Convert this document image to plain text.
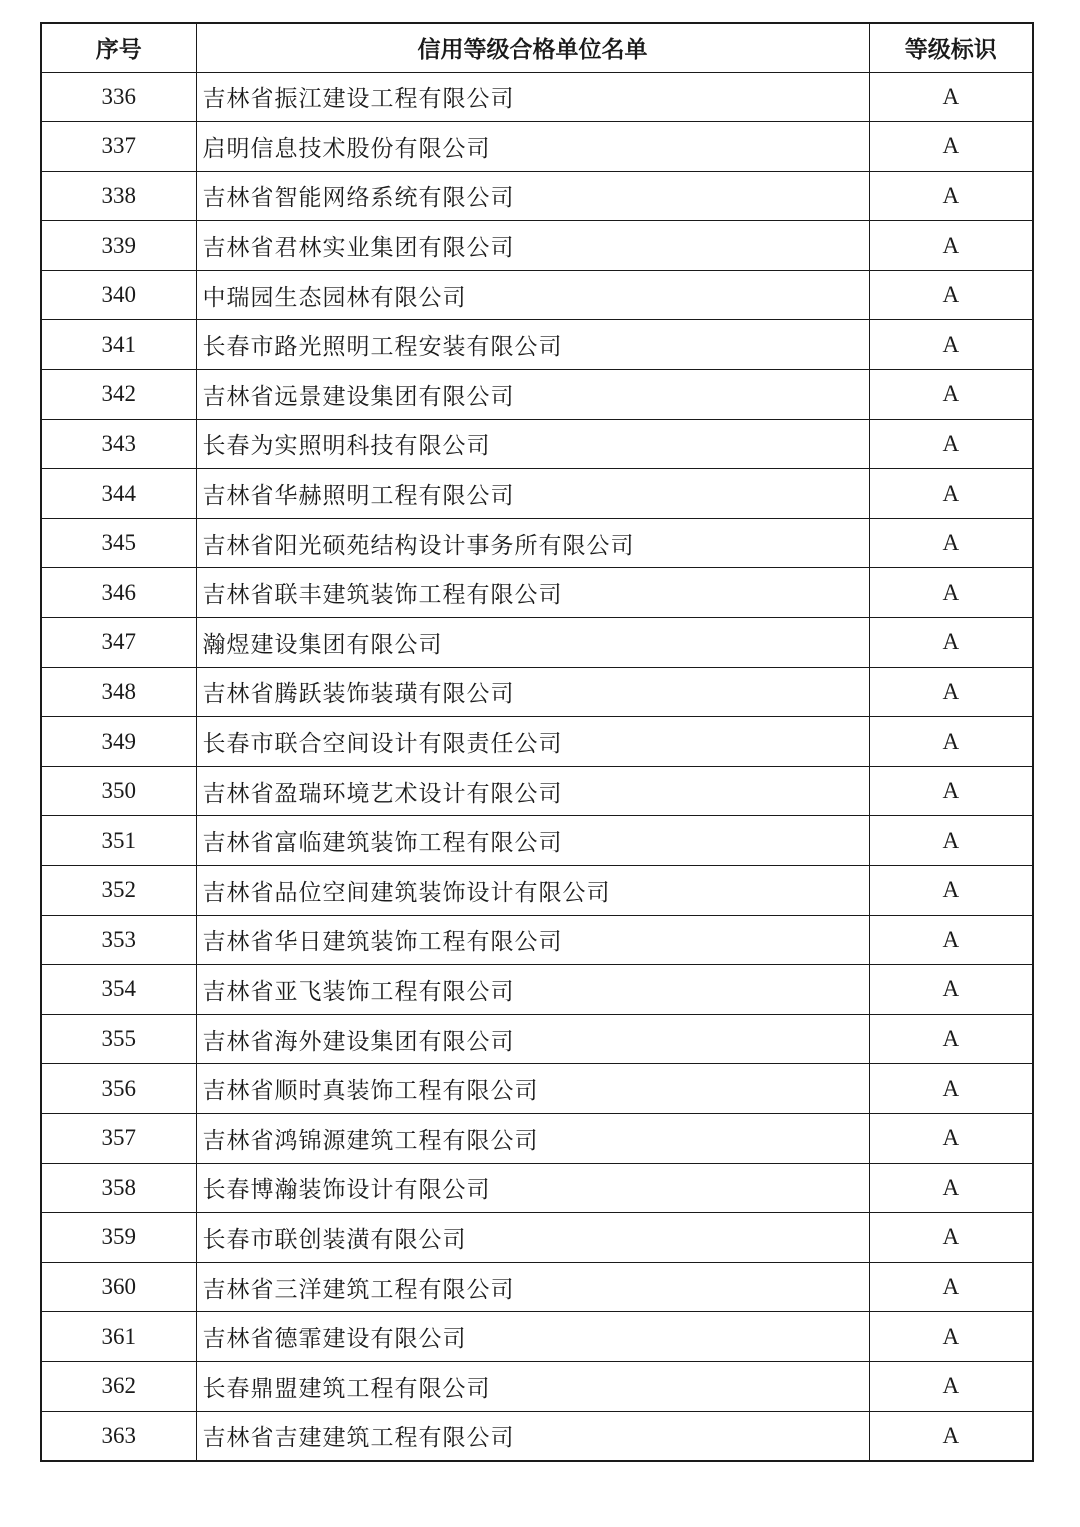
序号	信用等级合格单位名单	等级标识
336	吉林省振江建设工程有限公司	A
337	启明信息技术股份有限公司	A
338	吉林省智能网络系统有限公司	A
339	吉林省君林实业集团有限公司	A
340	中瑞园生态园林有限公司	A
341	长春市路光照明工程安装有限公司	A
342	吉林省远景建设集团有限公司	A
343	长春为实照明科技有限公司	A
344	吉林省华赫照明工程有限公司	A
345	吉林省阳光硕苑结构设计事务所有限公司	A
346	吉林省联丰建筑装饰工程有限公司	A
347	瀚煜建设集团有限公司	A
348	吉林省腾跃装饰装璜有限公司	A
349	长春市联合空间设计有限责任公司	A
350	吉林省盈瑞环境艺术设计有限公司	A
351	吉林省富临建筑装饰工程有限公司	A
352	吉林省品位空间建筑装饰设计有限公司	A
353	吉林省华日建筑装饰工程有限公司	A
354	吉林省亚飞装饰工程有限公司	A
355	吉林省海外建设集团有限公司	A
356	吉林省顺时真装饰工程有限公司	A
357	吉林省鸿锦源建筑工程有限公司	A
358	长春博瀚装饰设计有限公司	A
359	长春市联创装潢有限公司	A
360	吉林省三洋建筑工程有限公司	A
361	吉林省德霏建设有限公司	A
362	长春鼎盟建筑工程有限公司	A
363	吉林省吉建建筑工程有限公司	A
